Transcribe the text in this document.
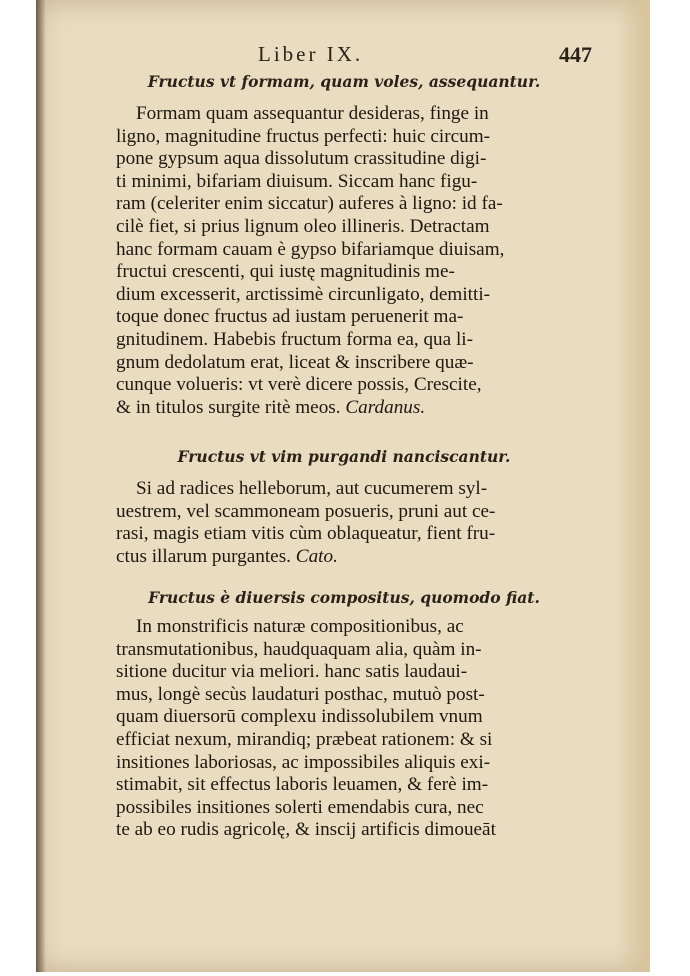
Liber IX.	447
Fructus vt formam, quam voles, assequantur.
Formam quam assequantur desideras, finge in
ligno, magnitudine fructus perfecti: huic circum-
pone gypsum aqua dissolutum crassitudine digi-
ti minimi, bifariam diuisum. Siccam hanc figu-
ram (celeriter enim siccatur) auferes à ligno: id fa-
cilè fiet, si prius lignum oleo illineris. Detractam
hanc formam cauam è gypso bifariamque diuisam,
fructui crescenti, qui iustę magnitudinis me-
dium excesserit, arctissimè circunligato, demitti-
toque donec fructus ad iustam peruenerit ma-
gnitudinem. Habebis fructum forma ea, qua li-
gnum dedolatum erat, liceat & inscribere quæ-
cunque volueris: vt verè dicere possis, Crescite,
& in titulos surgite ritè meos. Cardanus.
Fructus vt vim purgandi nanciscantur.
Si ad radices helleborum, aut cucumerem syl-
uestrem, vel scammoneam posueris, pruni aut ce-
rasi, magis etiam vitis cùm oblaqueatur, fient fru-
ctus illarum purgantes. Cato.
Fructus è diuersis compositus, quomodo fiat.
In monstrificis naturæ compositionibus, ac
transmutationibus, haudquaquam alia, quàm in-
sitione ducitur via meliori. hanc satis laudaui-
mus, longè secùs laudaturi posthac, mutuò post-
quam diuersorū complexu indissolubilem vnum
efficiat nexum, mirandiq; præbeat rationem: & si
insitiones laboriosas, ac impossibiles aliquis exi-
stimabit, sit effectus laboris leuamen, & ferè im-
possibiles insitiones solerti emendabis cura, nec
te ab eo rudis agricolę, & inscij artificis dimoueāt
